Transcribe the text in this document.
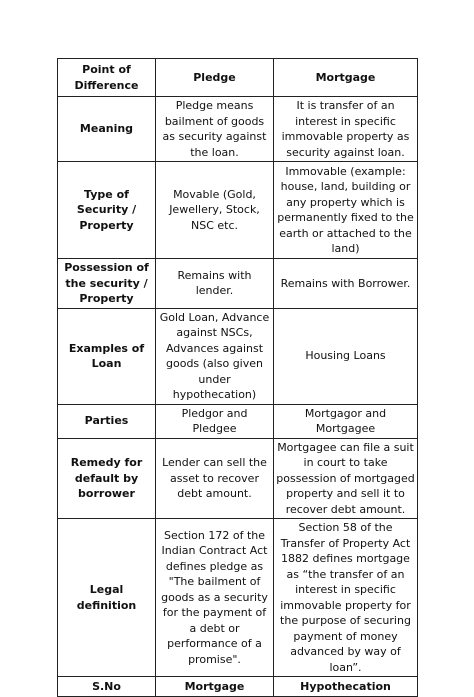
Point of Difference	Pledge	Mortgage
Meaning	Pledge means bailment of goods as security against the loan.	It is transfer of an interest in specific immovable property as security against loan.
Type of Security / Property	Movable (Gold, Jewellery, Stock, NSC etc.	Immovable (example: house, land, building or any property which is permanently fixed to the earth or attached to the land)
Possession of the security / Property	Remains with lender.	Remains with Borrower.
Examples of Loan	Gold Loan, Advance against NSCs, Advances against goods (also given under hypothecation)	Housing Loans
Parties	Pledgor and Pledgee	Mortgagor and Mortgagee
Remedy for default by borrower	Lender can sell the asset to recover debt amount.	Mortgagee can file a suit in court to take possession of mortgaged property and sell it to recover debt amount.
Legal definition	Section 172 of the Indian Contract Act defines pledge as "The bailment of goods as a security for the payment of a debt or performance of a promise".	Section 58 of the Transfer of Property Act 1882 defines mortgage as “the transfer of an interest in specific immovable property for the purpose of securing payment of money advanced by way of loan”.
S.No	Mortgage	Hypothecation
